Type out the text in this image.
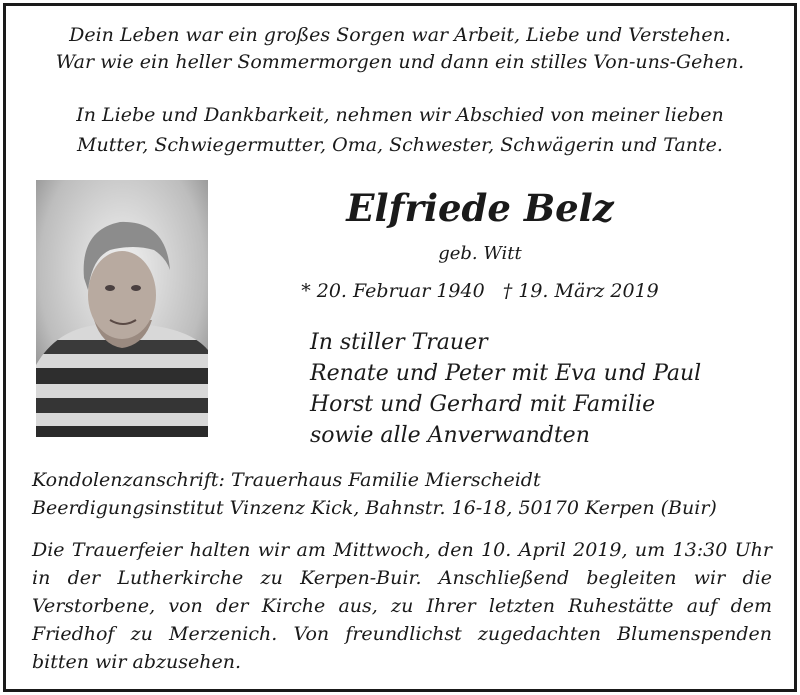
Dein Leben war ein großes Sorgen war Arbeit, Liebe und Verstehen.
War wie ein heller Sommermorgen und dann ein stilles Von-uns-Gehen.
In Liebe und Dankbarkeit, nehmen wir Abschied von meiner lieben
Mutter, Schwiegermutter, Oma, Schwester, Schwägerin und Tante.
Elfriede Belz
geb. Witt
* 20. Februar 1940 † 19. März 2019
In stiller Trauer
Renate und Peter mit Eva und Paul
Horst und Gerhard mit Familie
sowie alle Anverwandten
Kondolenzanschrift: Trauerhaus Familie Mierscheidt
Beerdigungsinstitut Vinzenz Kick, Bahnstr. 16-18, 50170 Kerpen (Buir)
Die Trauerfeier halten wir am Mittwoch, den 10. April 2019, um 13:30 Uhr in der Lutherkirche zu Kerpen-Buir. Anschließend begleiten wir die Verstorbene, von der Kirche aus, zu Ihrer letzten Ruhestätte auf dem Friedhof zu Merzenich. Von freundlichst zugedachten Blumenspenden bitten wir abzusehen.
